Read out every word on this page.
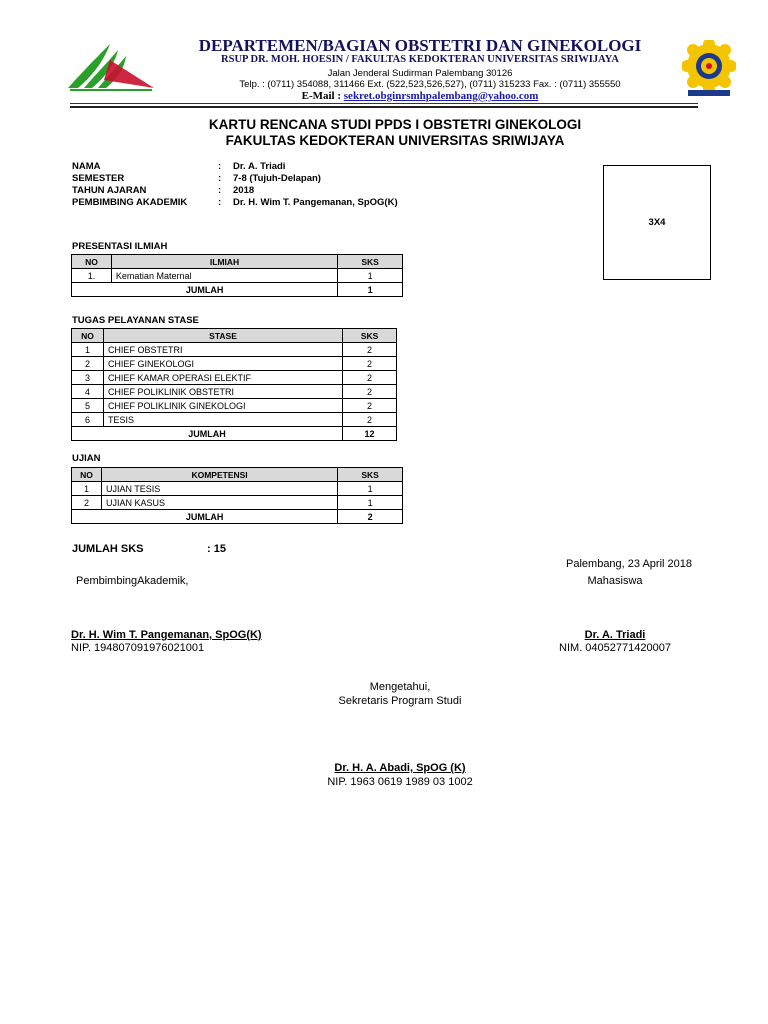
DEPARTEMEN/BAGIAN OBSTETRI DAN GINEKOLOGI
RSUP DR. MOH. HOESIN / FAKULTAS KEDOKTERAN UNIVERSITAS SRIWIJAYA
Jalan Jenderal Sudirman Palembang 30126
Telp. : (0711) 354088, 311466 Ext. (522,523,526,527), (0711) 315233 Fax. : (0711) 355550
E-Mail : sekret.obginrsmhpalembang@yahoo.com
KARTU RENCANA STUDI PPDS I OBSTETRI GINEKOLOGI
FAKULTAS KEDOKTERAN UNIVERSITAS SRIWIJAYA
NAMA	: Dr. A. Triadi
SEMESTER	: 7-8 (Tujuh-Delapan)
TAHUN AJARAN	: 2018
PEMBIMBING AKADEMIK	: Dr. H. Wim T. Pangemanan, SpOG(K)
3X4
PRESENTASI ILMIAH
NO	ILMIAH	SKS
1.	Kematian Maternal	1
JUMLAH		1
TUGAS PELAYANAN STASE
NO	STASE	SKS
1	CHIEF OBSTETRI	2
2	CHIEF GINEKOLOGI	2
3	CHIEF KAMAR OPERASI ELEKTIF	2
4	CHIEF POLIKLINIK OBSTETRI	2
5	CHIEF POLIKLINIK GINEKOLOGI	2
6	TESIS	2
JUMLAH		12
UJIAN
NO	KOMPETENSI	SKS
1	UJIAN TESIS	1
2	UJIAN KASUS	1
JUMLAH		2
JUMLAH SKS	: 15
Palembang, 23 April 2018
PembimbingAkademik,	Mahasiswa
Dr. H. Wim T. Pangemanan, SpOG(K)
NIP. 194807091976021001
Dr. A. Triadi
NIM. 04052771420007
Mengetahui,
Sekretaris Program Studi
Dr. H. A. Abadi, SpOG (K)
NIP. 1963 0619 1989 03 1002
